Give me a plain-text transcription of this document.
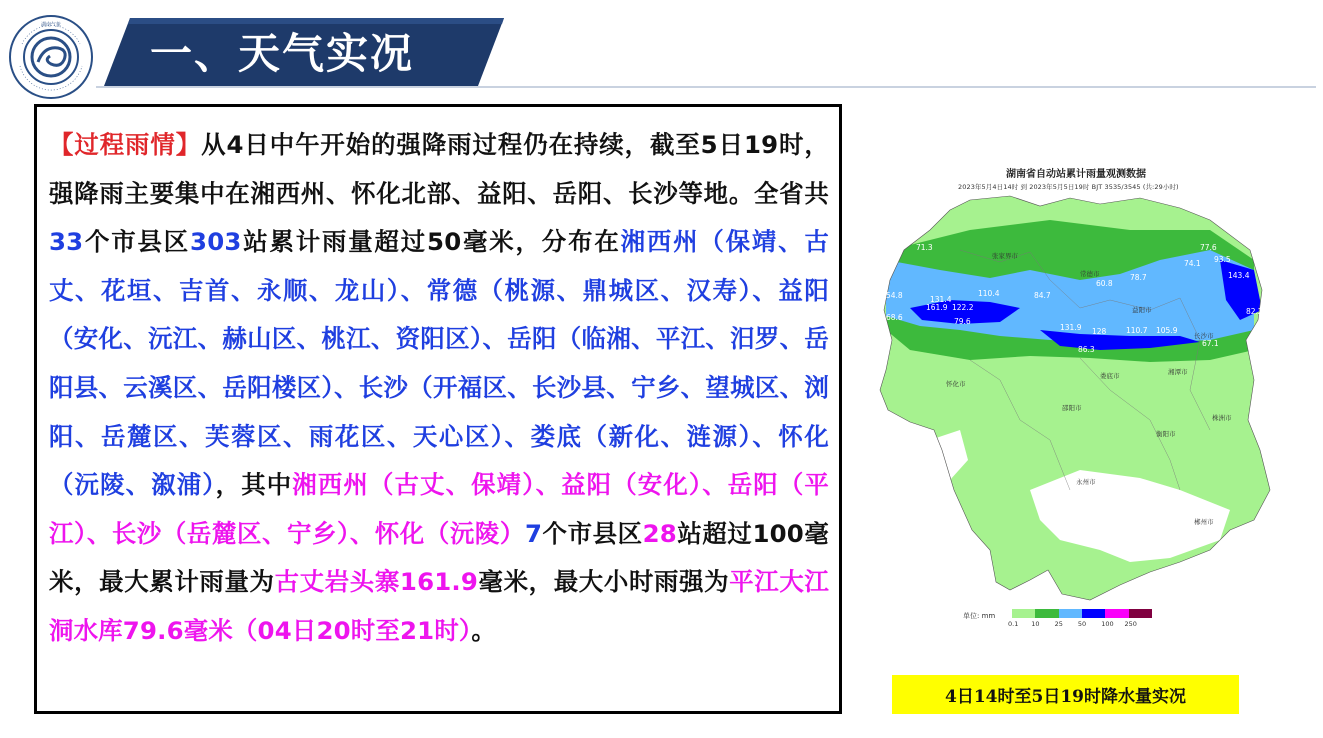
湖南气象
一、天气实况

【过程雨情】从4日中午开始的强降雨过程仍在持续，截至5日19时，强降雨主要集中在湘西州、怀化北部、益阳、岳阳、长沙等地。全省共33个市县区303站累计雨量超过50毫米，分布在湘西州（保靖、古丈、花垣、吉首、永顺、龙山）、常德（桃源、鼎城区、汉寿）、益阳（安化、沅江、赫山区、桃江、资阳区）、岳阳（临湘、平江、汨罗、岳阳县、云溪区、岳阳楼区）、长沙（开福区、长沙县、宁乡、望城区、浏阳、岳麓区、芙蓉区、雨花区、天心区）、娄底（新化、涟源）、怀化（沅陵、溆浦），其中湘西州（古丈、保靖）、益阳（安化）、岳阳（平江）、长沙（岳麓区、宁乡）、怀化（沅陵）7个市县区28站超过100毫米，最大累计雨量为古丈岩头寨161.9毫米，最大小时雨强为平江大江洞水库79.6毫米（04日20时至21时）。

湖南省自动站累计雨量观测数据
2023年5月4日14时 到 2023年5月5日19时 BJT 3535/3545 (共:29小时)
张家界市
常德市
益阳市
长沙市
娄底市	湘潭市
怀化市
邵阳市
株洲市
衡阳市
永州市
郴州市
71.3
110.4
54.8	131.4
161.9 122.2
68.6	79.6
84.7
60.8
78.7
77.6
74.1 93.5
143.4
82.2
131.9 128	110.7 105.9
67.1
86.3
单位: mm
0.1 10 25 50 100 250
4日14时至5日19时降水量实况
